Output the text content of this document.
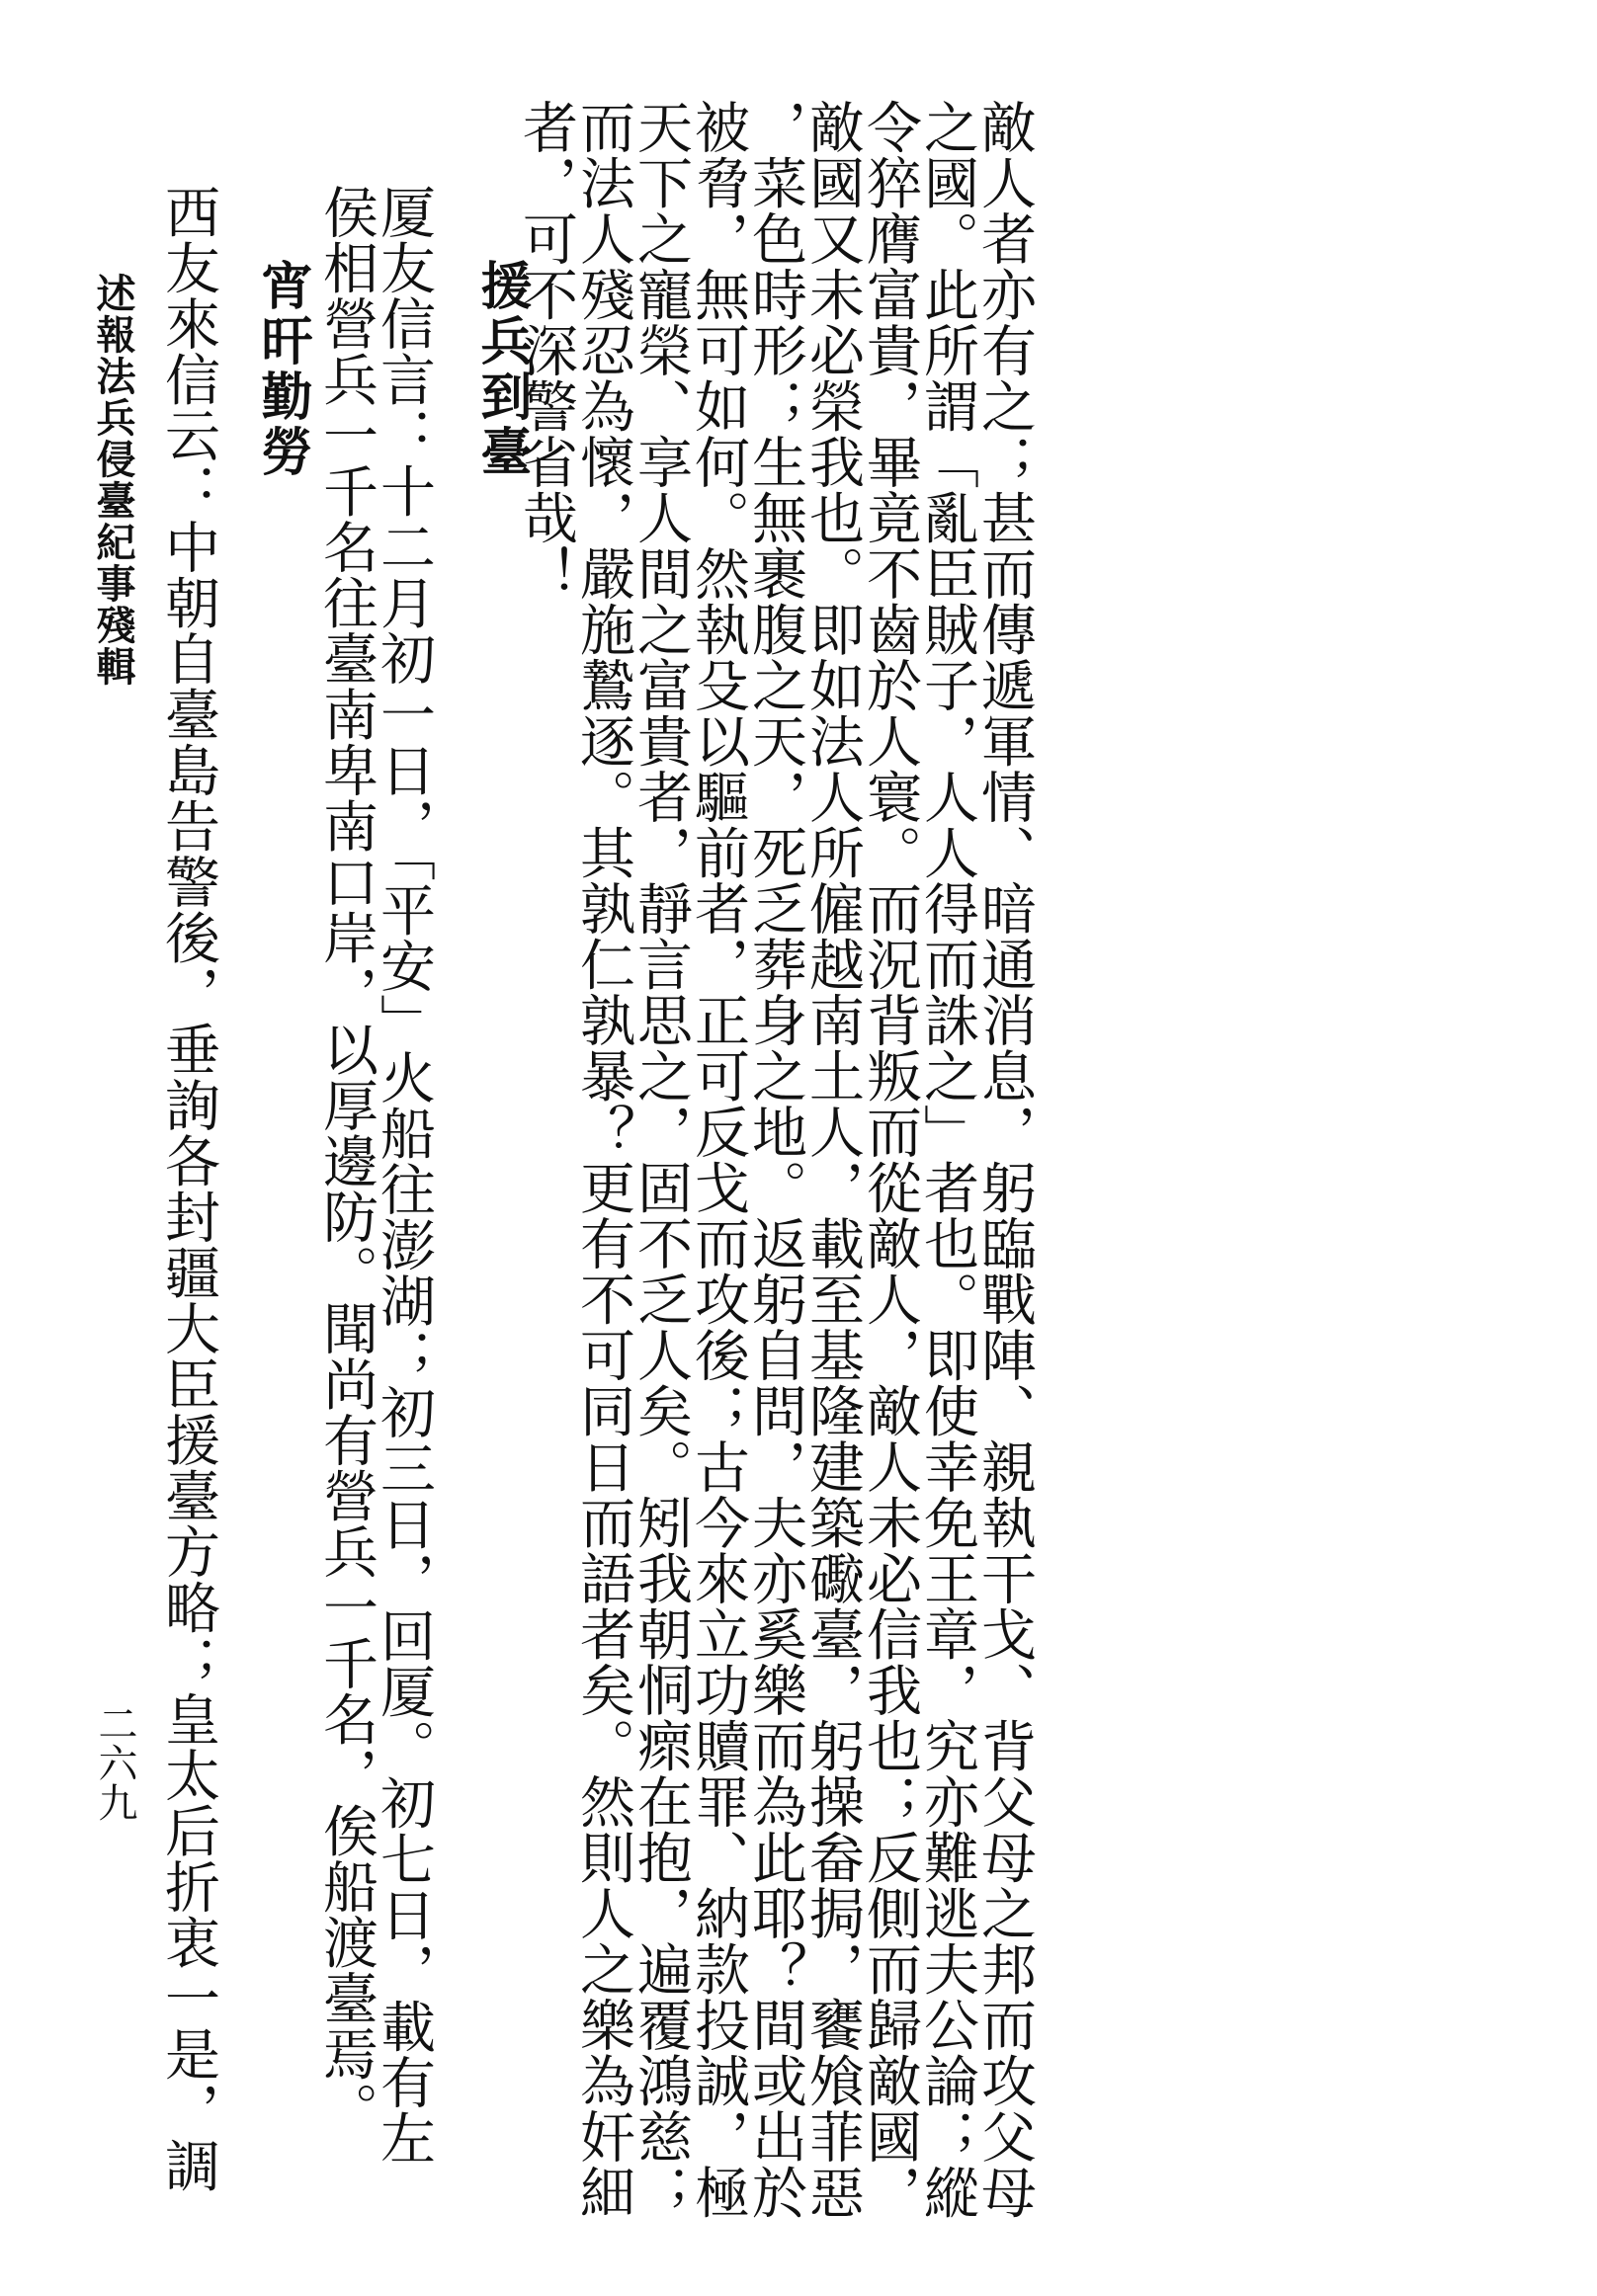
敵人者亦有之；甚而傳遞軍情、暗通消息，躬臨戰陣、親執干戈、背父母之邦而攻父母
之國。此所謂「亂臣賊子，人人得而誅之」者也。即使幸免王章，究亦難逃夫公論；縱
令猝膺富貴，畢竟不齒於人寰。而況背叛而從敵人，敵人未必信我也；反側而歸敵國，
敵國又未必榮我也。即如法人所僱越南土人，載至基隆建築礮臺，躬操畚挶，饔飧菲惡
，菜色時形；生無裹腹之天，死乏葬身之地。返躬自問，夫亦奚樂而為此耶？間或出於
被脅，無可如何。然執殳以驅前者，正可反戈而攻後；古今來立功贖罪、納款投誠，極
天下之寵榮、享人間之富貴者，靜言思之，固不乏人矣。矧我朝恫瘝在抱，遍覆鴻慈；
而法人殘忍為懷，嚴施鷙逐。其孰仁孰暴？更有不可同日而語者矣。然則人之樂為奸細
者，可不深警省哉！
援兵到臺
厦友信言：十二月初一日，「平安」火船往澎湖；初三日，回厦。初七日，載有左
侯相營兵一千名往臺南卑南口岸，以厚邊防。聞尚有營兵一千名，俟船渡臺焉。
宵旰勤勞
西友來信云：中朝自臺島告警後，垂詢各封疆大臣援臺方略；皇太后折衷一是，調
述報法兵侵臺紀事殘輯
二六九
